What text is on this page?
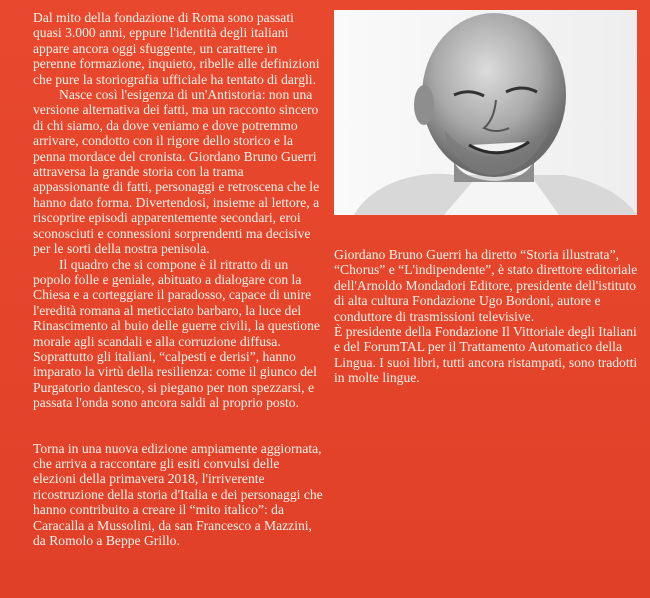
Dal mito della fondazione di Roma sono passati quasi 3.000 anni, eppure l'identità degli italiani appare ancora oggi sfuggente, un carattere in perenne formazione, inquieto, ribelle alle definizioni che pure la storiografia ufficiale ha tentato di dargli.

Nasce così l'esigenza di un'Antistoria: non una versione alternativa dei fatti, ma un racconto sincero di chi siamo, da dove veniamo e dove potremmo arrivare, condotto con il rigore dello storico e la penna mordace del cronista. Giordano Bruno Guerri attraversa la grande storia con la trama appassionante di fatti, personaggi e retroscena che le hanno dato forma. Divertendosi, insieme al lettore, a riscoprire episodi apparentemente secondari, eroi sconosciuti e connessioni sorprendenti ma decisive per le sorti della nostra penisola.

Il quadro che si compone è il ritratto di un popolo folle e geniale, abituato a dialogare con la Chiesa e a corteggiare il paradosso, capace di unire l'eredità romana al meticciato barbaro, la luce del Rinascimento al buio delle guerre civili, la questione morale agli scandali e alla corruzione diffusa. Soprattutto gli italiani, “calpesti e derisi”, hanno imparato la virtù della resilienza: come il giunco del Purgatorio dantesco, si piegano per non spezzarsi, e passata l'onda sono ancora saldi al proprio posto.

Torna in una nuova edizione ampiamente aggiornata, che arriva a raccontare gli esiti convulsi delle elezioni della primavera 2018, l'irriverente ricostruzione della storia d'Italia e dei personaggi che hanno contribuito a creare il “mito italico”: da Caracalla a Mussolini, da san Francesco a Mazzini, da Romolo a Beppe Grillo.

Giordano Bruno Guerri ha diretto “Storia illustrata”, “Chorus” e “L'indipendente”, è stato direttore editoriale dell'Arnoldo Mondadori Editore, presidente dell'istituto di alta cultura Fondazione Ugo Bordoni, autore e conduttore di trasmissioni televisive.

È presidente della Fondazione Il Vittoriale degli Italiani e del ForumTAL per il Trattamento Automatico della Lingua. I suoi libri, tutti ancora ristampati, sono tradotti in molte lingue.
